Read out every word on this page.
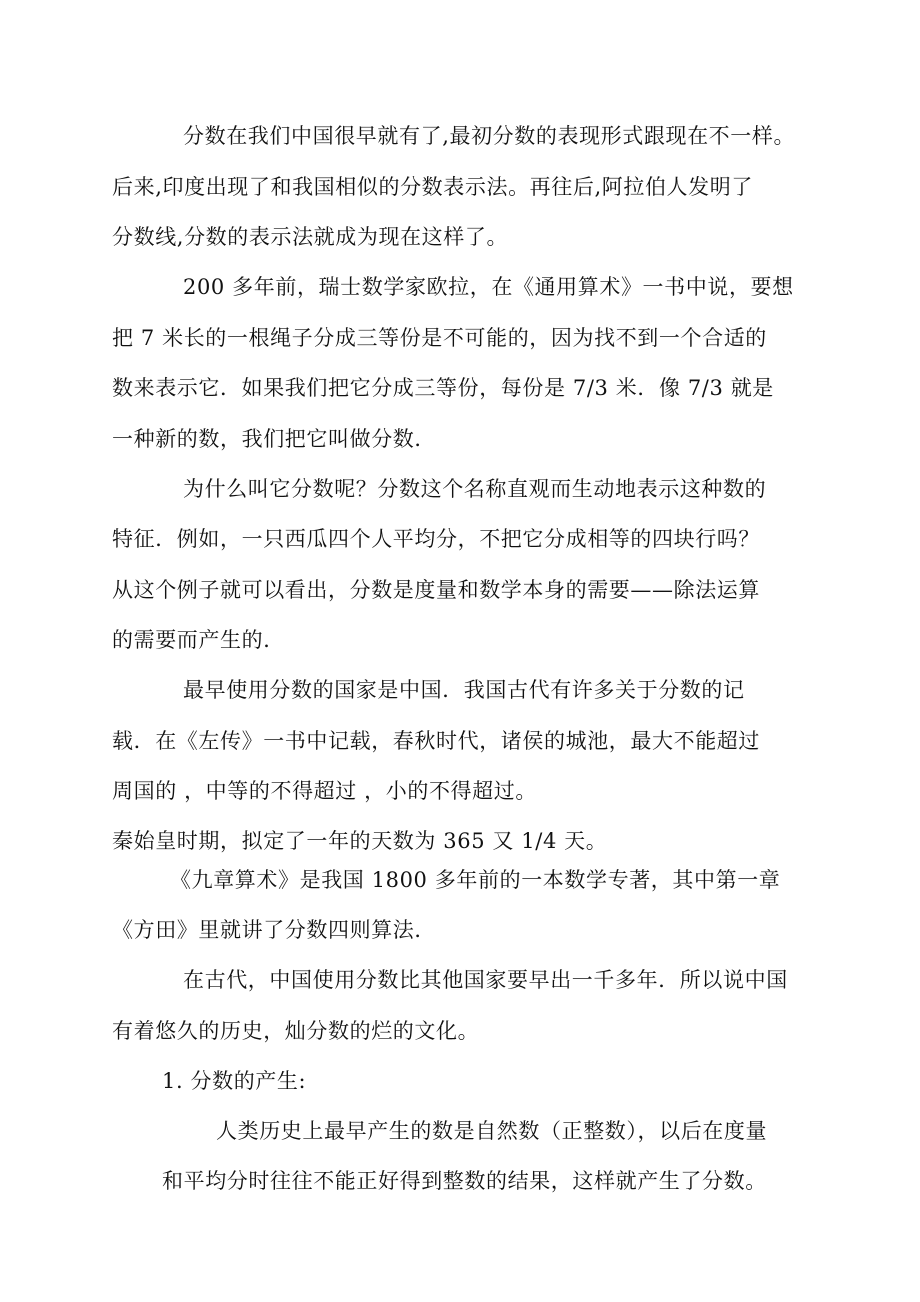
分数在我们中国很早就有了,最初分数的表现形式跟现在不一样。
后来,印度出现了和我国相似的分数表示法。再往后,阿拉伯人发明了
分数线,分数的表示法就成为现在这样了。
200 多年前，瑞士数学家欧拉，在《通用算术》一书中说，要想
把 7 米长的一根绳子分成三等份是不可能的，因为找不到一个合适的
数来表示它．如果我们把它分成三等份，每份是 7/3 米．像 7/3 就是
一种新的数，我们把它叫做分数．
为什么叫它分数呢？分数这个名称直观而生动地表示这种数的
特征．例如，一只西瓜四个人平均分，不把它分成相等的四块行吗？
从这个例子就可以看出，分数是度量和数学本身的需要——除法运算
的需要而产生的．
最早使用分数的国家是中国．我国古代有许多关于分数的记
载．在《左传》一书中记载，春秋时代，诸侯的城池，最大不能超过
周国的 ，中等的不得超过 ，小的不得超过。
秦始皇时期，拟定了一年的天数为 365 又 1/4 天。
《九章算术》是我国 1800 多年前的一本数学专著，其中第一章
《方田》里就讲了分数四则算法．
在古代，中国使用分数比其他国家要早出一千多年．所以说中国
有着悠久的历史，灿分数的烂的文化。
1. 分数的产生:
人类历史上最早产生的数是自然数（正整数），以后在度量
和平均分时往往不能正好得到整数的结果，这样就产生了分数。
